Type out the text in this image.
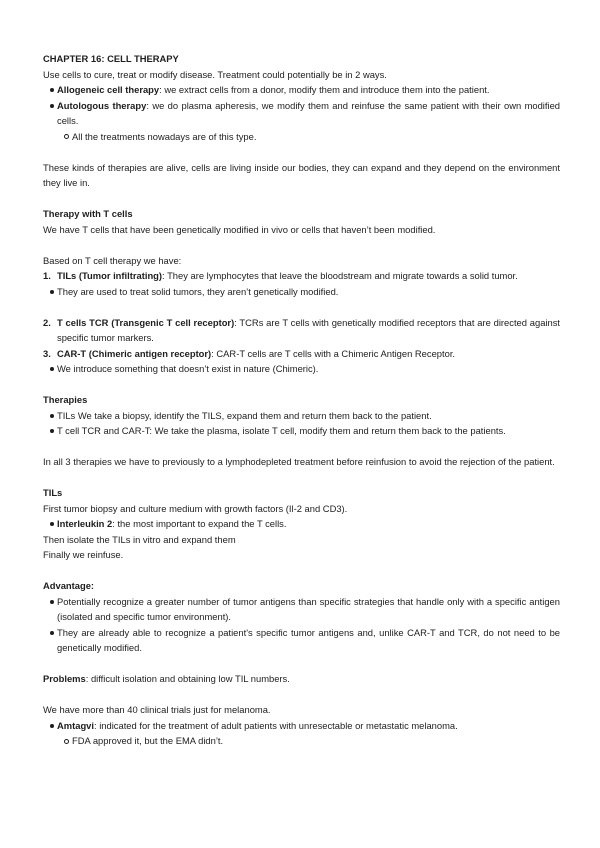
CHAPTER 16: CELL THERAPY

Use cells to cure, treat or modify disease. Treatment could potentially be in 2 ways.

Allogeneic cell therapy: we extract cells from a donor, modify them and introduce them into the patient.
Autologous therapy: we do plasma apheresis, we modify them and reinfuse the same patient with their own modified cells.
All the treatments nowadays are of this type.

These kinds of therapies are alive, cells are living inside our bodies, they can expand and they depend on the environment they live in.

Therapy with T cells

We have T cells that have been genetically modified in vivo or cells that haven’t been modified.

Based on T cell therapy we have:

1. TILs (Tumor infiltrating): They are lymphocytes that leave the bloodstream and migrate towards a solid tumor.
They are used to treat solid tumors, they aren’t genetically modified.
2. T cells TCR (Transgenic T cell receptor): TCRs are T cells with genetically modified receptors that are directed against specific tumor markers.
3. CAR-T (Chimeric antigen receptor): CAR-T cells are T cells with a Chimeric Antigen Receptor.
We introduce something that doesn’t exist in nature (Chimeric).

Therapies

TILs We take a biopsy, identify the TILS, expand them and return them back to the patient.
T cell TCR and CAR-T: We take the plasma, isolate T cell, modify them and return them back to the patients.

In all 3 therapies we have to previously to a lymphodepleted treatment before reinfusion to avoid the rejection of the patient.

TILs

First tumor biopsy and culture medium with growth factors (Il-2 and CD3).

Interleukin 2: the most important to expand the T cells.

Then isolate the TILs in vitro and expand them

Finally we reinfuse.

Advantage:

Potentially recognize a greater number of tumor antigens than specific strategies that handle only with a specific antigen (isolated and specific tumor environment).
They are already able to recognize a patient's specific tumor antigens and, unlike CAR-T and TCR, do not need to be genetically modified.

Problems: difficult isolation and obtaining low TIL numbers.

We have more than 40 clinical trials just for melanoma.

Amtagvi: indicated for the treatment of adult patients with unresectable or metastatic melanoma.
FDA approved it, but the EMA didn’t.
